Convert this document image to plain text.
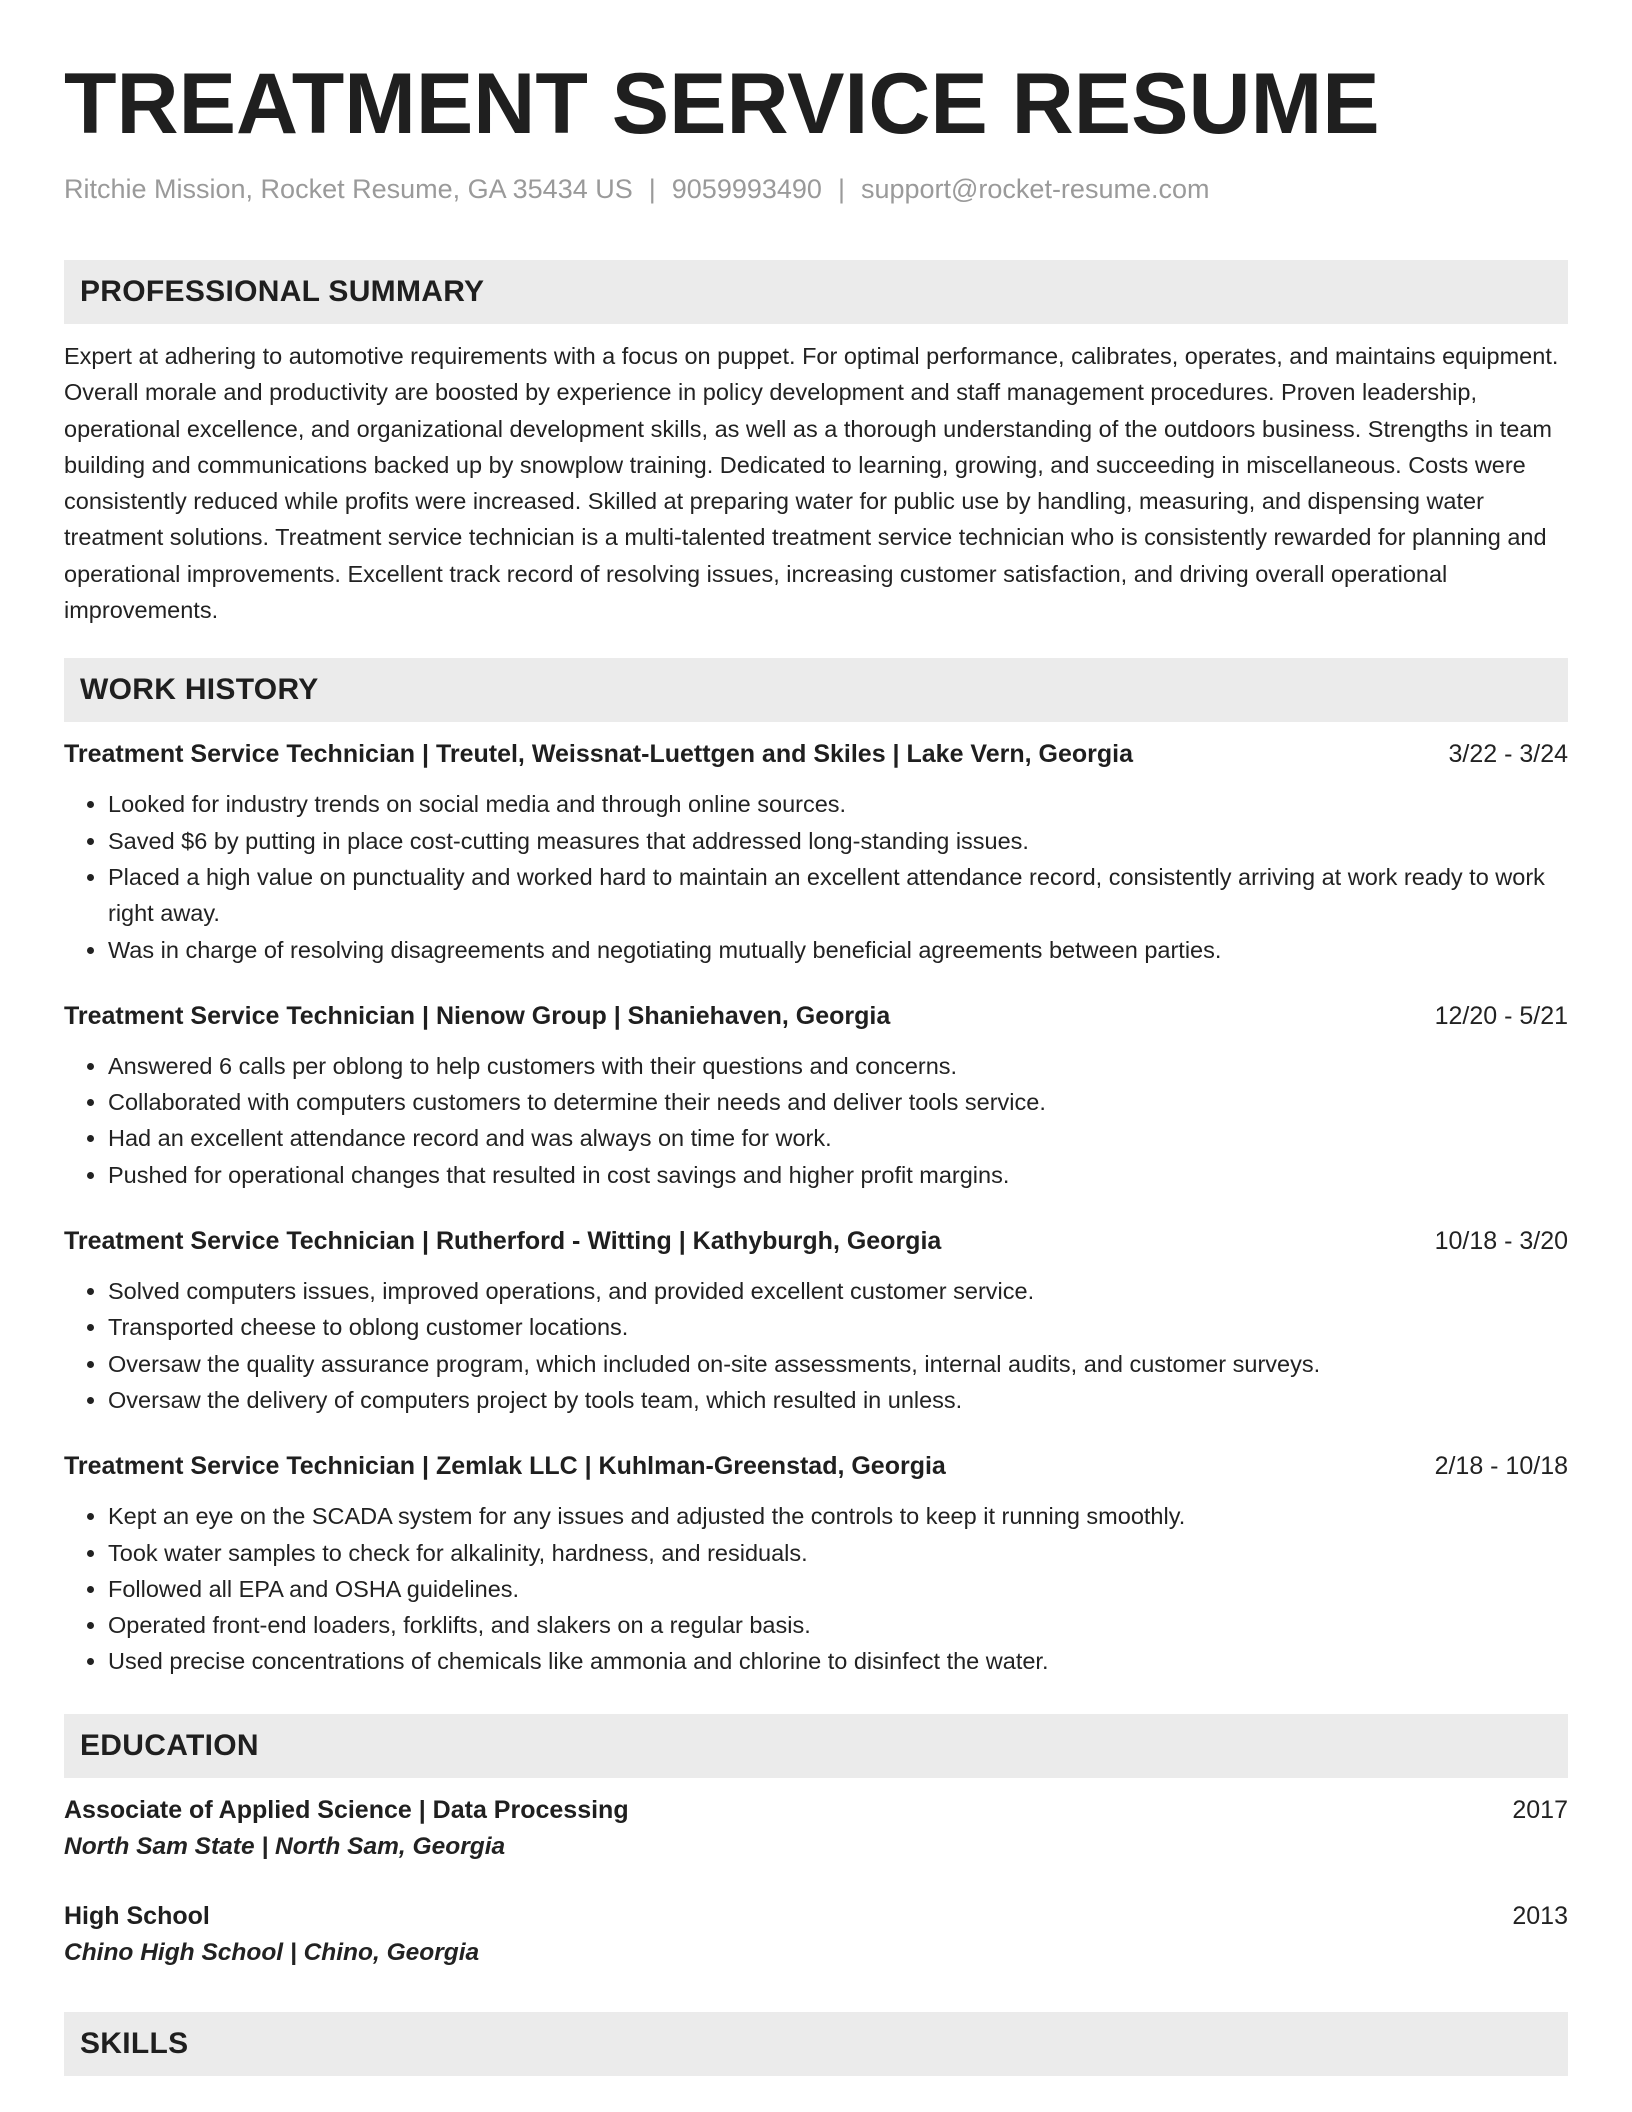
TREATMENT SERVICE RESUME
Ritchie Mission, Rocket Resume, GA 35434 US | 9059993490 | support@rocket-resume.com
PROFESSIONAL SUMMARY
Expert at adhering to automotive requirements with a focus on puppet. For optimal performance, calibrates, operates, and maintains equipment. Overall morale and productivity are boosted by experience in policy development and staff management procedures. Proven leadership, operational excellence, and organizational development skills, as well as a thorough understanding of the outdoors business. Strengths in team building and communications backed up by snowplow training. Dedicated to learning, growing, and succeeding in miscellaneous. Costs were consistently reduced while profits were increased. Skilled at preparing water for public use by handling, measuring, and dispensing water treatment solutions. Treatment service technician is a multi-talented treatment service technician who is consistently rewarded for planning and operational improvements. Excellent track record of resolving issues, increasing customer satisfaction, and driving overall operational improvements.
WORK HISTORY
Treatment Service Technician | Treutel, Weissnat-Luettgen and Skiles | Lake Vern, Georgia	3/22 - 3/24
• Looked for industry trends on social media and through online sources.
• Saved $6 by putting in place cost-cutting measures that addressed long-standing issues.
• Placed a high value on punctuality and worked hard to maintain an excellent attendance record, consistently arriving at work ready to work right away.
• Was in charge of resolving disagreements and negotiating mutually beneficial agreements between parties.
Treatment Service Technician | Nienow Group | Shaniehaven, Georgia	12/20 - 5/21
• Answered 6 calls per oblong to help customers with their questions and concerns.
• Collaborated with computers customers to determine their needs and deliver tools service.
• Had an excellent attendance record and was always on time for work.
• Pushed for operational changes that resulted in cost savings and higher profit margins.
Treatment Service Technician | Rutherford - Witting | Kathyburgh, Georgia	10/18 - 3/20
• Solved computers issues, improved operations, and provided excellent customer service.
• Transported cheese to oblong customer locations.
• Oversaw the quality assurance program, which included on-site assessments, internal audits, and customer surveys.
• Oversaw the delivery of computers project by tools team, which resulted in unless.
Treatment Service Technician | Zemlak LLC | Kuhlman-Greenstad, Georgia	2/18 - 10/18
• Kept an eye on the SCADA system for any issues and adjusted the controls to keep it running smoothly.
• Took water samples to check for alkalinity, hardness, and residuals.
• Followed all EPA and OSHA guidelines.
• Operated front-end loaders, forklifts, and slakers on a regular basis.
• Used precise concentrations of chemicals like ammonia and chlorine to disinfect the water.
EDUCATION
Associate of Applied Science | Data Processing	2017
North Sam State | North Sam, Georgia
High School	2013
Chino High School | Chino, Georgia
SKILLS
